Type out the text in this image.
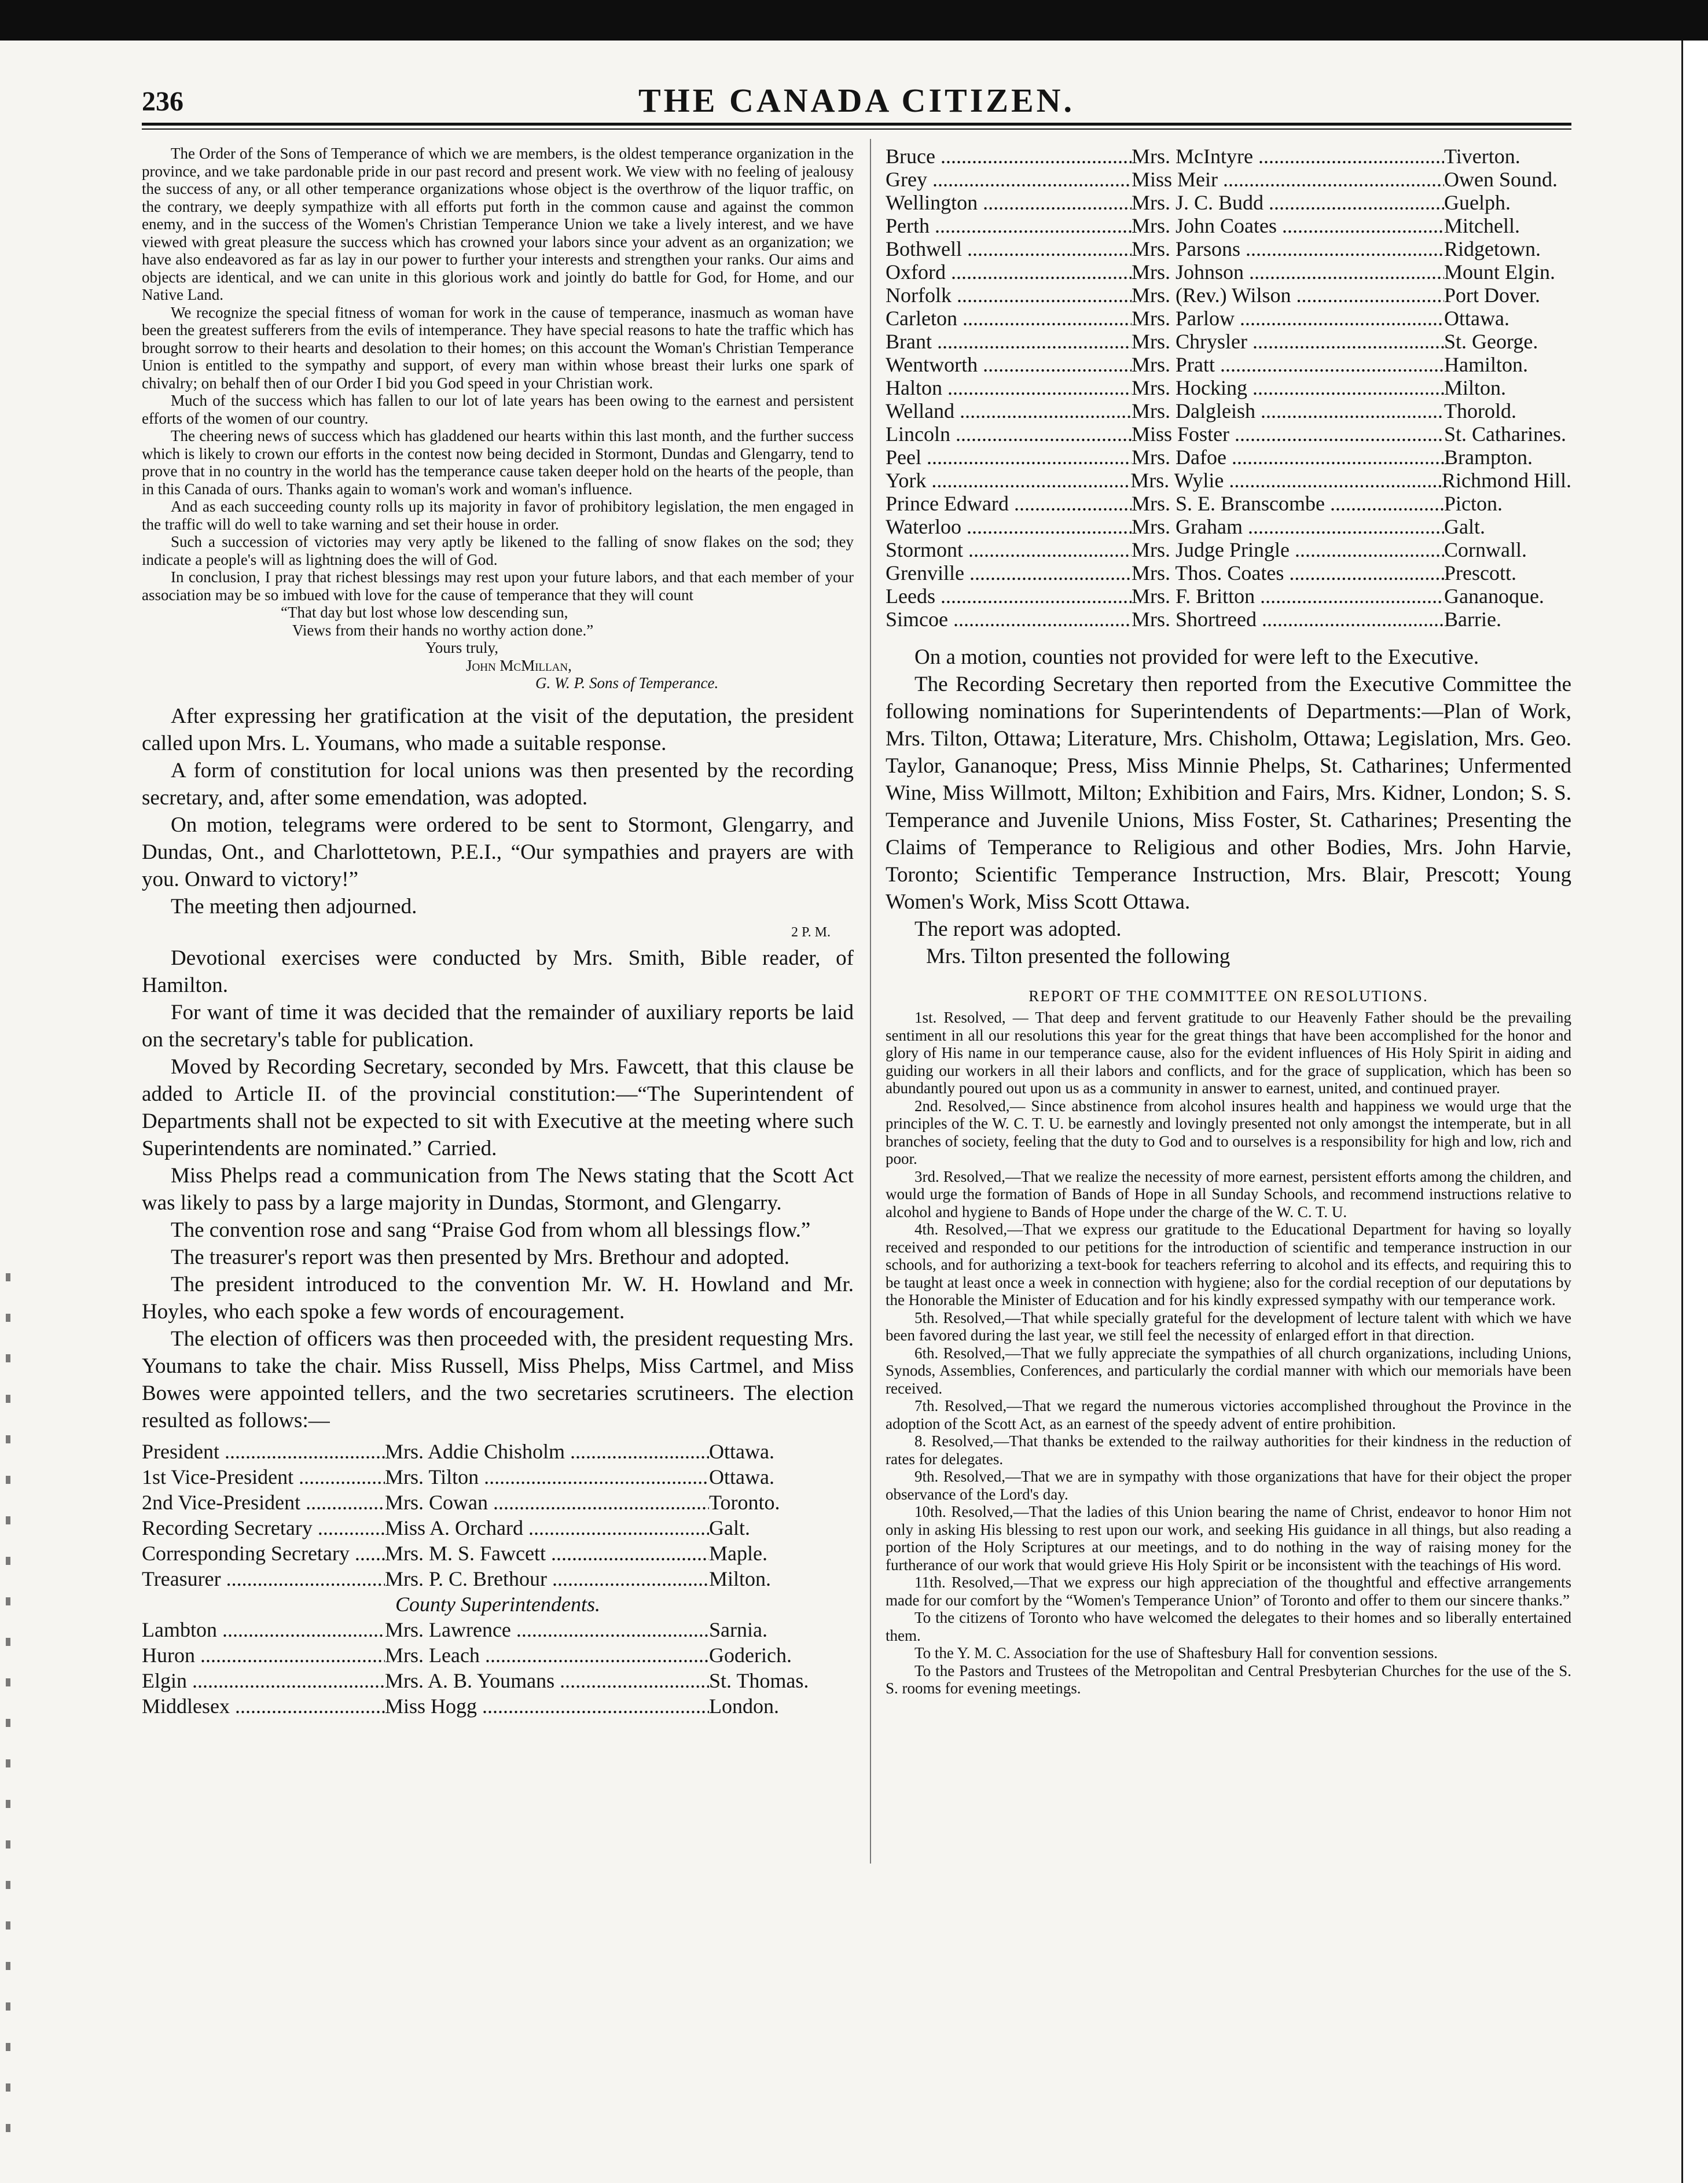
236	THE CANADA CITIZEN.

The Order of the Sons of Temperance of which we are members, is the oldest temperance organization in the province, and we take pardonable pride in our past record and present work. We view with no feeling of jealousy the success of any, or all other temperance organizations whose object is the overthrow of the liquor traffic, on the contrary, we deeply sympathize with all efforts put forth in the common cause and against the common enemy, and in the success of the Women's Christian Temperance Union we take a lively interest, and we have viewed with great pleasure the success which has crowned your labors since your advent as an organization; we have also endeavored as far as lay in our power to further your interests and strengthen your ranks. Our aims and objects are identical, and we can unite in this glorious work and jointly do battle for God, for Home, and our Native Land.

We recognize the special fitness of woman for work in the cause of temperance, inasmuch as woman have been the greatest sufferers from the evils of intemperance. They have special reasons to hate the traffic which has brought sorrow to their hearts and desolation to their homes; on this account the Woman's Christian Temperance Union is entitled to the sympathy and support, of every man within whose breast their lurks one spark of chivalry; on behalf then of our Order I bid you God speed in your Christian work.

Much of the success which has fallen to our lot of late years has been owing to the earnest and persistent efforts of the women of our country.

The cheering news of success which has gladdened our hearts within this last month, and the further success which is likely to crown our efforts in the contest now being decided in Stormont, Dundas and Glengarry, tend to prove that in no country in the world has the temperance cause taken deeper hold on the hearts of the people, than in this Canada of ours. Thanks again to woman's work and woman's influence.

And as each succeeding county rolls up its majority in favor of prohibitory legislation, the men engaged in the traffic will do well to take warning and set their house in order.

Such a succession of victories may very aptly be likened to the falling of snow flakes on the sod; they indicate a people's will as lightning does the will of God.

In conclusion, I pray that richest blessings may rest upon your future labors, and that each member of your association may be so imbued with love for the cause of temperance that they will count

“That day but lost whose low descending sun,

Views from their hands no worthy action done.”

Yours truly,

John McMillan,

G. W. P. Sons of Temperance.

After expressing her gratification at the visit of the deputation, the president called upon Mrs. L. Youmans, who made a suitable response.

A form of constitution for local unions was then presented by the recording secretary, and, after some emendation, was adopted.

On motion, telegrams were ordered to be sent to Stormont, Glengarry, and Dundas, Ont., and Charlottetown, P.E.I., “Our sympathies and prayers are with you. Onward to victory!”

The meeting then adjourned.

2 P. M.

Devotional exercises were conducted by Mrs. Smith, Bible reader, of Hamilton.

For want of time it was decided that the remainder of auxiliary reports be laid on the secretary's table for publication.

Moved by Recording Secretary, seconded by Mrs. Fawcett, that this clause be added to Article II. of the provincial constitution:—“The Superintendent of Departments shall not be expected to sit with Executive at the meeting where such Superintendents are nominated.” Carried.

Miss Phelps read a communication from The News stating that the Scott Act was likely to pass by a large majority in Dundas, Stormont, and Glengarry.

The convention rose and sang “Praise God from whom all blessings flow.”

The treasurer's report was then presented by Mrs. Brethour and adopted.

The president introduced to the convention Mr. W. H. Howland and Mr. Hoyles, who each spoke a few words of encouragement.

The election of officers was then proceeded with, the president requesting Mrs. Youmans to take the chair. Miss Russell, Miss Phelps, Miss Cartmel, and Miss Bowes were appointed tellers, and the two secretaries scrutineers. The election resulted as follows:—

President .....	Mrs. Addie Chisholm .....	Ottawa.
1st Vice-President .....	Mrs. Tilton .....	Ottawa.
2nd Vice-President .....	Mrs. Cowan .....	Toronto.
Recording Secretary .....	Miss A. Orchard .....	Galt.
Corresponding Secretary .....	Mrs. M. S. Fawcett .....	Maple.
Treasurer .....	Mrs. P. C. Brethour .....	Milton.
County Superintendents.
Lambton .....	Mrs. Lawrence .....	Sarnia.
Huron .....	Mrs. Leach .....	Goderich.
Elgin .....	Mrs. A. B. Youmans .....	St. Thomas.
Middlesex .....	Miss Hogg .....	London.
Bruce .....	Mrs. McIntyre .....	Tiverton.
Grey .....	Miss Meir .....	Owen Sound.
Wellington .....	Mrs. J. C. Budd .....	Guelph.
Perth .....	Mrs. John Coates .....	Mitchell.
Bothwell .....	Mrs. Parsons .....	Ridgetown.
Oxford .....	Mrs. Johnson .....	Mount Elgin.
Norfolk .....	Mrs. (Rev.) Wilson .....	Port Dover.
Carleton .....	Mrs. Parlow .....	Ottawa.
Brant .....	Mrs. Chrysler .....	St. George.
Wentworth .....	Mrs. Pratt .....	Hamilton.
Halton .....	Mrs. Hocking .....	Milton.
Welland .....	Mrs. Dalgleish .....	Thorold.
Lincoln .....	Miss Foster .....	St. Catharines.
Peel .....	Mrs. Dafoe .....	Brampton.
York .....	Mrs. Wylie .....	Richmond Hill.
Prince Edward .....	Mrs. S. E. Branscombe .....	Picton.
Waterloo .....	Mrs. Graham .....	Galt.
Stormont .....	Mrs. Judge Pringle .....	Cornwall.
Grenville .....	Mrs. Thos. Coates .....	Prescott.
Leeds .....	Mrs. F. Britton .....	Gananoque.
Simcoe .....	Mrs. Shortreed .....	Barrie.

On a motion, counties not provided for were left to the Executive.

The Recording Secretary then reported from the Executive Committee the following nominations for Superintendents of Departments:—Plan of Work, Mrs. Tilton, Ottawa; Literature, Mrs. Chisholm, Ottawa; Legislation, Mrs. Geo. Taylor, Gananoque; Press, Miss Minnie Phelps, St. Catharines; Unfermented Wine, Miss Willmott, Milton; Exhibition and Fairs, Mrs. Kidner, London; S. S. Temperance and Juvenile Unions, Miss Foster, St. Catharines; Presenting the Claims of Temperance to Religious and other Bodies, Mrs. John Harvie, Toronto; Scientific Temperance Instruction, Mrs. Blair, Prescott; Young Women's Work, Miss Scott Ottawa.

The report was adopted.

Mrs. Tilton presented the following

REPORT OF THE COMMITTEE ON RESOLUTIONS.

1st. Resolved, — That deep and fervent gratitude to our Heavenly Father should be the prevailing sentiment in all our resolutions this year for the great things that have been accomplished for the honor and glory of His name in our temperance cause, also for the evident influences of His Holy Spirit in aiding and guiding our workers in all their labors and conflicts, and for the grace of supplication, which has been so abundantly poured out upon us as a community in answer to earnest, united, and continued prayer.

2nd. Resolved,— Since abstinence from alcohol insures health and happiness we would urge that the principles of the W. C. T. U. be earnestly and lovingly presented not only amongst the intemperate, but in all branches of society, feeling that the duty to God and to ourselves is a responsibility for high and low, rich and poor.

3rd. Resolved,—That we realize the necessity of more earnest, persistent efforts among the children, and would urge the formation of Bands of Hope in all Sunday Schools, and recommend instructions relative to alcohol and hygiene to Bands of Hope under the charge of the W. C. T. U.

4th. Resolved,—That we express our gratitude to the Educational Department for having so loyally received and responded to our petitions for the introduction of scientific and temperance instruction in our schools, and for authorizing a text-book for teachers referring to alcohol and its effects, and requiring this to be taught at least once a week in connection with hygiene; also for the cordial reception of our deputations by the Honorable the Minister of Education and for his kindly expressed sympathy with our temperance work.

5th. Resolved,—That while specially grateful for the development of lecture talent with which we have been favored during the last year, we still feel the necessity of enlarged effort in that direction.

6th. Resolved,—That we fully appreciate the sympathies of all church organizations, including Unions, Synods, Assemblies, Conferences, and particularly the cordial manner with which our memorials have been received.

7th. Resolved,—That we regard the numerous victories accomplished throughout the Province in the adoption of the Scott Act, as an earnest of the speedy advent of entire prohibition.

8. Resolved,—That thanks be extended to the railway authorities for their kindness in the reduction of rates for delegates.

9th. Resolved,—That we are in sympathy with those organizations that have for their object the proper observance of the Lord's day.

10th. Resolved,—That the ladies of this Union bearing the name of Christ, endeavor to honor Him not only in asking His blessing to rest upon our work, and seeking His guidance in all things, but also reading a portion of the Holy Scriptures at our meetings, and to do nothing in the way of raising money for the furtherance of our work that would grieve His Holy Spirit or be inconsistent with the teachings of His word.

11th. Resolved,—That we express our high appreciation of the thoughtful and effective arrangements made for our comfort by the “Women's Temperance Union” of Toronto and offer to them our sincere thanks.”

To the citizens of Toronto who have welcomed the delegates to their homes and so liberally entertained them.

To the Y. M. C. Association for the use of Shaftesbury Hall for convention sessions.

To the Pastors and Trustees of the Metropolitan and Central Presbyterian Churches for the use of the S. S. rooms for evening meetings.
